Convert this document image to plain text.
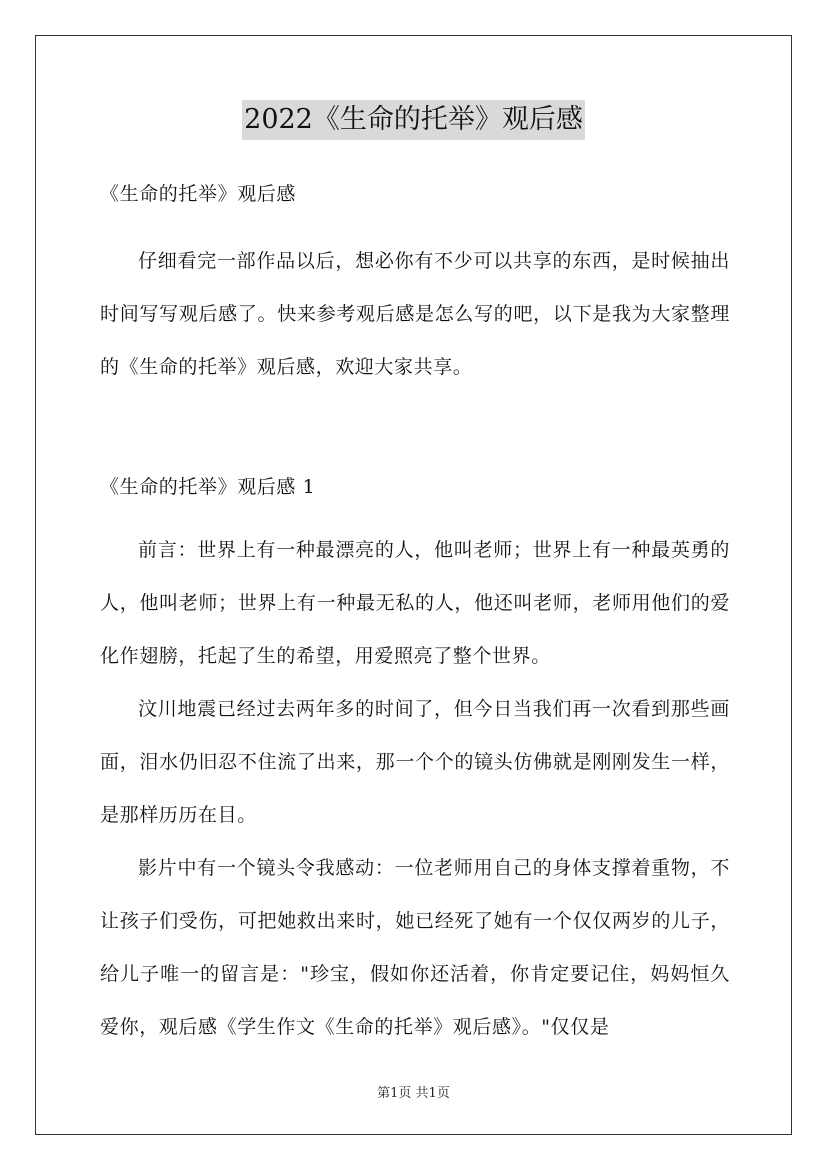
2022《生命的托举》观后感

《生命的托举》观后感

仔细看完一部作品以后，想必你有不少可以共享的东西，是时候抽出时间写写观后感了。快来参考观后感是怎么写的吧，以下是我为大家整理的《生命的托举》观后感，欢迎大家共享。

《生命的托举》观后感 1

前言：世界上有一种最漂亮的人，他叫老师；世界上有一种最英勇的人，他叫老师；世界上有一种最无私的人，他还叫老师，老师用他们的爱化作翅膀，托起了生的希望，用爱照亮了整个世界。

汶川地震已经过去两年多的时间了，但今日当我们再一次看到那些画面，泪水仍旧忍不住流了出来，那一个个的镜头仿佛就是刚刚发生一样，是那样历历在目。

影片中有一个镜头令我感动：一位老师用自己的身体支撑着重物，不让孩子们受伤，可把她救出来时，她已经死了她有一个仅仅两岁的儿子，给儿子唯一的留言是："珍宝，假如你还活着，你肯定要记住，妈妈恒久爱你，观后感《学生作文《生命的托举》观后感》。"仅仅是

第1页 共1页
